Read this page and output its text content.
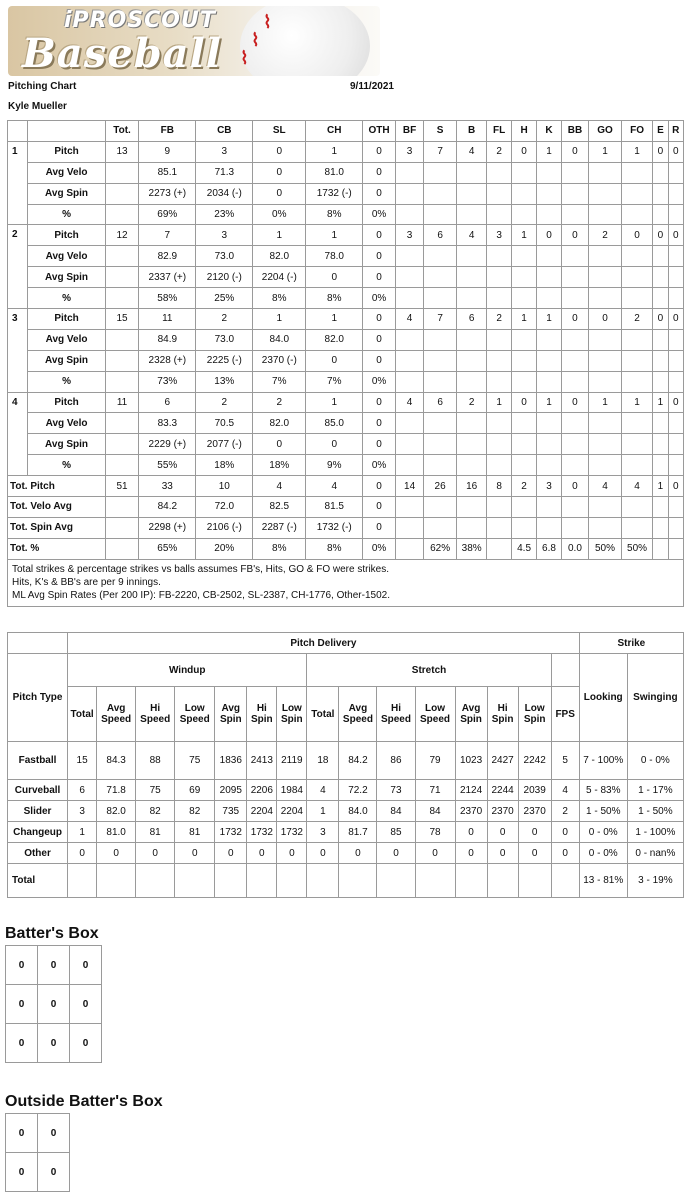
⌇
⌇
⌇
iPROSCOUT
Baseball
Pitching Chart	9/11/2021
Kyle Mueller
		Tot.	FB	CB	SL	CH	OTH	BF	S	B	FL	H	K	BB	GO	FO	E	R
1	Pitch	13	9	3	0	1	0	3	7	4	2	0	1	0	1	1	0	0
	Avg Velo		85.1	71.3	0	81.0	0											
	Avg Spin		2273 (+)	2034 (-)	0	1732 (-)	0											
	%		69%	23%	0%	8%	0%											
2	Pitch	12	7	3	1	1	0	3	6	4	3	1	0	0	2	0	0	0
	Avg Velo		82.9	73.0	82.0	78.0	0											
	Avg Spin		2337 (+)	2120 (-)	2204 (-)	0	0											
	%		58%	25%	8%	8%	0%											
3	Pitch	15	11	2	1	1	0	4	7	6	2	1	1	0	0	2	0	0
	Avg Velo		84.9	73.0	84.0	82.0	0											
	Avg Spin		2328 (+)	2225 (-)	2370 (-)	0	0											
	%		73%	13%	7%	7%	0%											
4	Pitch	11	6	2	2	1	0	4	6	2	1	0	1	0	1	1	1	0
	Avg Velo		83.3	70.5	82.0	85.0	0											
	Avg Spin		2229 (+)	2077 (-)	0	0	0											
	%		55%	18%	18%	9%	0%											
Tot. Pitch		51	33	10	4	4	0	14	26	16	8	2	3	0	4	4	1	0
Tot. Velo Avg			84.2	72.0	82.5	81.5	0											
Tot. Spin Avg			2298 (+)	2106 (-)	2287 (-)	1732 (-)	0											
Tot. %			65%	20%	8%	8%	0%		62%	38%		4.5	6.8	0.0	50%	50%		

Total strikes & percentage strikes vs balls assumes FB's, Hits, GO & FO were strikes.
Hits, K's & BB's are per 9 innings.
ML Avg Spin Rates (Per 200 IP): FB-2220, CB-2502, SL-2387, CH-1776, Other-1502.																		
	Pitch Delivery															Strike	
Pitch Type	Windup							Stretch								Looking	Swinging
	Total	Avg Speed	Hi Speed	Low Speed	Avg Spin	Hi Spin	Low Spin	Total	Avg Speed	Hi Speed	Low Speed	Avg Spin	Hi Spin	Low Spin	FPS		
Fastball	15	84.3	88	75	1836	2413	2119	18	84.2	86	79	1023	2427	2242	5	7 - 100%	0 - 0%
Curveball	6	71.8	75	69	2095	2206	1984	4	72.2	73	71	2124	2244	2039	4	5 - 83%	1 - 17%
Slider	3	82.0	82	82	735	2204	2204	1	84.0	84	84	2370	2370	2370	2	1 - 50%	1 - 50%
Changeup	1	81.0	81	81	1732	1732	1732	3	81.7	85	78	0	0	0	0	0 - 0%	1 - 100%
Other	0	0	0	0	0	0	0	0	0	0	0	0	0	0	0	0 - 0%	0 - nan%
Total																13 - 81%	3 - 19%
Batter's Box
0	0	0
0	0	0
0	0	0
Outside Batter's Box
0	0
0	0
